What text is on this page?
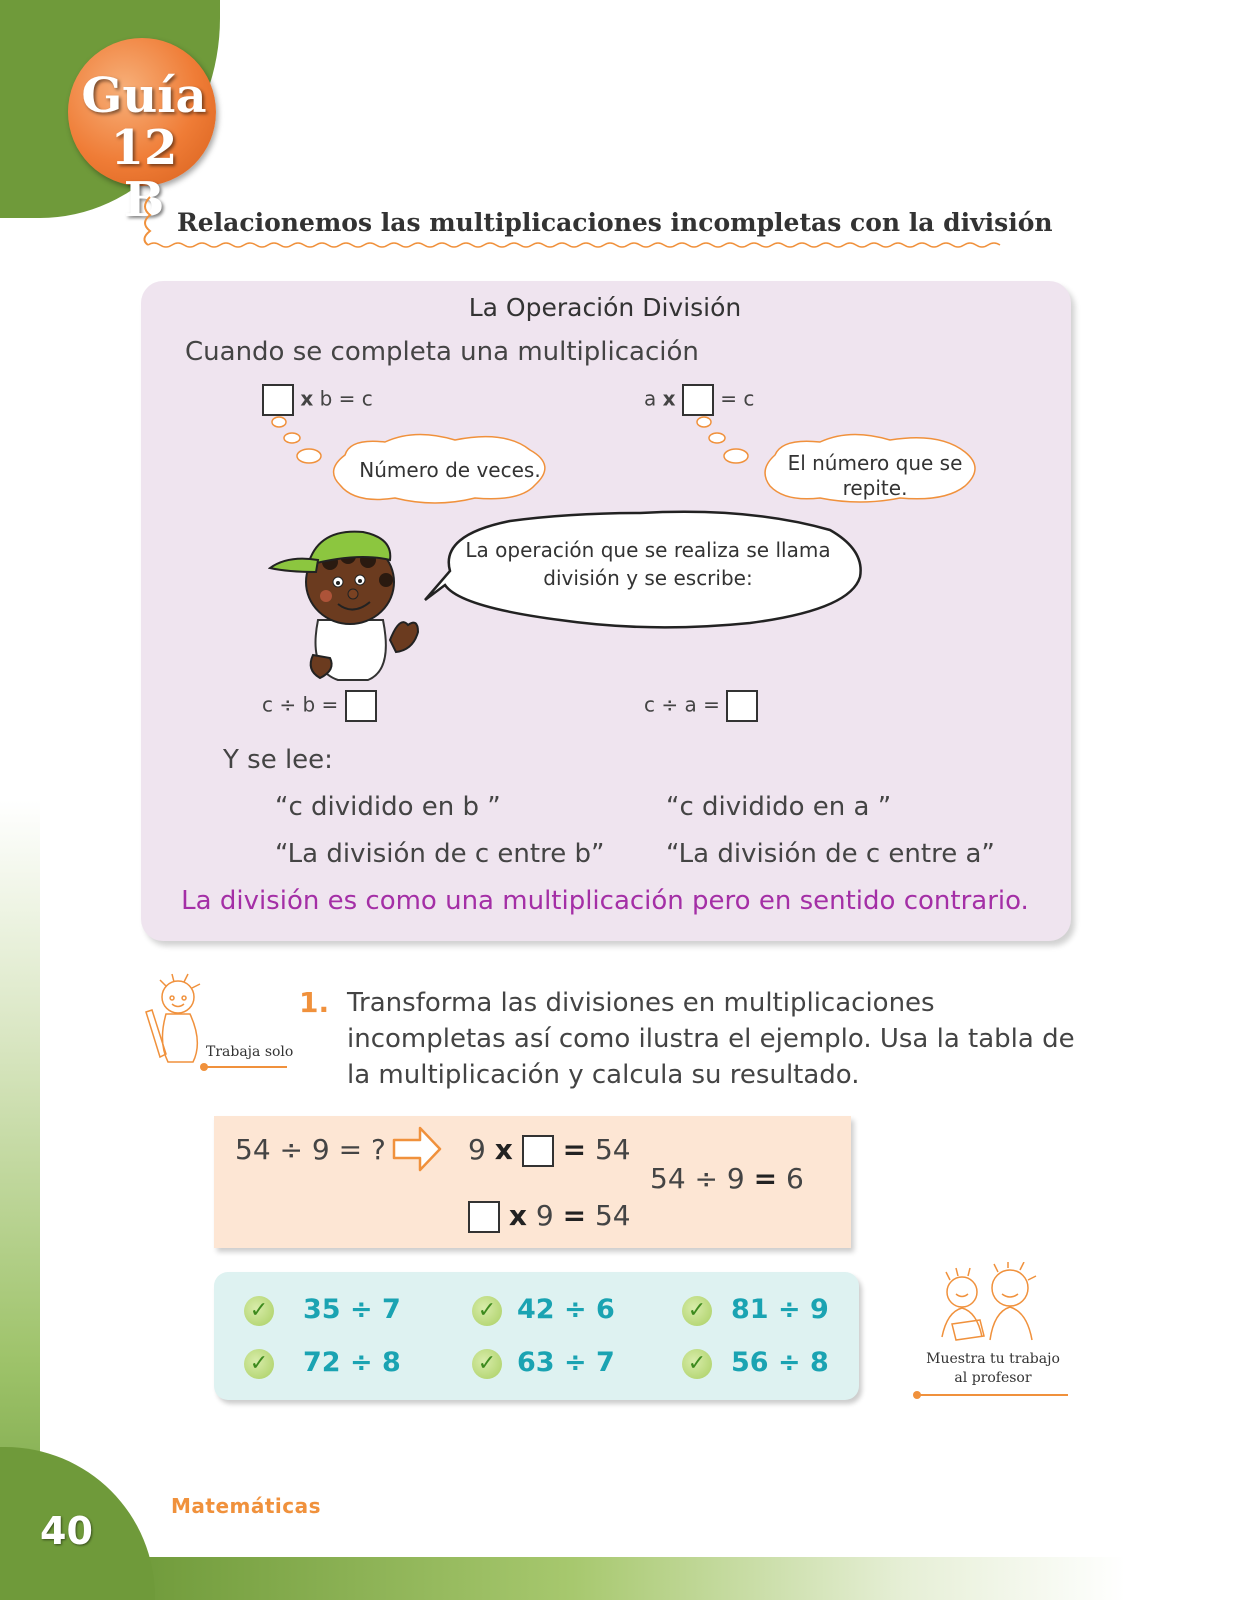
40
Matemáticas
Guía 12
B Relacionemos las multiplicaciones incompletas con la división
La Operación División
Cuando se completa una multiplicación
x b = c	a x = c
Número de veces.	El número que se
repite.
La operación que se realiza se llama
división y se escribe:
c ÷ b =	c ÷ a =
Y se lee:
“c dividido en b ”
“La división de c entre b”
“c dividido en a ”
“La división de c entre a”
La división es como una multiplicación pero en sentido contrario.
Trabaja solo
1. Transforma las divisiones en multiplicaciones incompletas así como ilustra el ejemplo. Usa la tabla de la multiplicación y calcula su resultado.
54 ÷ 9 = ?	9 x = 54
x 9 = 54
54 ÷ 9 = 6
✓ 35 ÷ 7	✓ 42 ÷ 6	✓ 81 ÷ 9
✓ 72 ÷ 8	✓ 63 ÷ 7	✓ 56 ÷ 8	Muestra tu trabajo
al profesor
